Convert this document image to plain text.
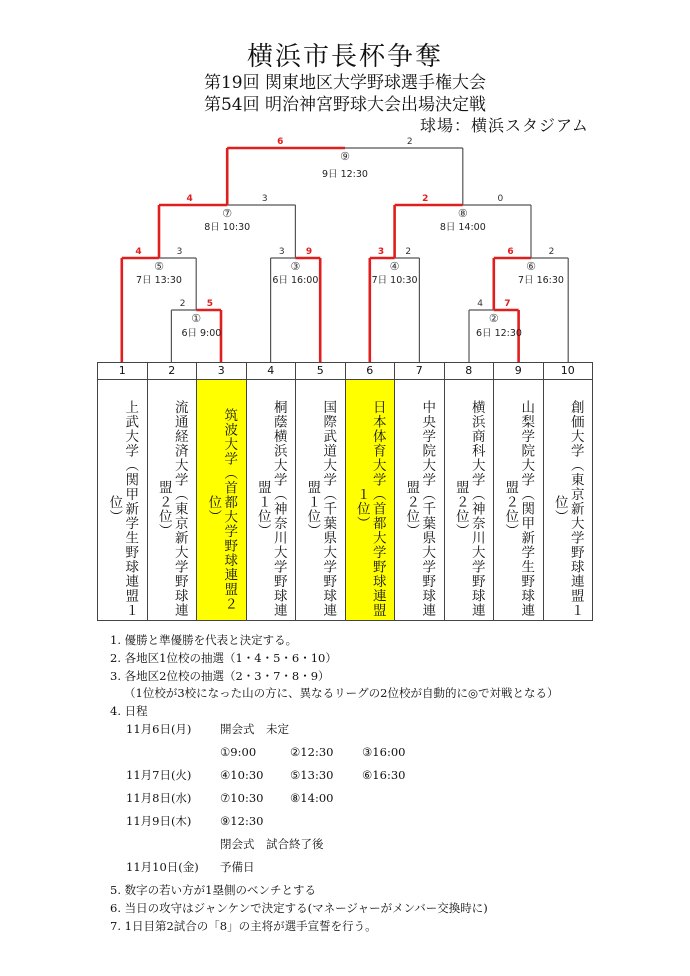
横浜市長杯争奪
第19回 関東地区大学野球選手権大会
第54回 明治神宮野球大会出場決定戦
球場：横浜スタジアム
2 5
①
6日 9:00
4 7
②
6日 12:30
4	3
⑤
7日 13:30
3 9
③
6日 16:00
3 2
④
7日 10:30
6	2
⑥
7日 16:30
4	3
⑦
8日 10:30
2	0
⑧
8日 14:00
6	2
⑨
9日 12:30
1	2	3	4	5	6	7	8	9	10

上武大学（関甲新学生野球連盟１位）	流通経済大学（東京新大学野球連盟２位）	筑波大学（首都大学野球連盟２位）	桐蔭横浜大学（神奈川大学野球連盟１位）	国際武道大学（千葉県大学野球連盟１位）	日本体育大学（首都大学野球連盟１位）	中央学院大学（千葉県大学野球連盟２位）	横浜商科大学（神奈川大学野球連盟２位）	山梨学院大学（関甲新学生野球連盟２位）	創価大学（東京新大学野球連盟１位）
1. 優勝と準優勝を代表と決定する。
2. 各地区1位校の抽選（1・4・5・6・10）
3. 各地区2位校の抽選（2・3・7・8・9）
（1位校が3校になった山の方に、異なるリーグの2位校が自動的に◎で対戦となる）
4. 日程
11月6日(月) 開会式　未定
①9:00	②12:30 ③16:00
11月7日(火) ④10:30 ⑤13:30 ⑥16:30
11月8日(水) ⑦10:30 ⑧14:00
11月9日(木) ⑨12:30
閉会式　試合終了後
11月10日(金) 予備日
5. 数字の若い方が1塁側のベンチとする
6. 当日の攻守はジャンケンで決定する(マネージャーがメンバー交換時に)
7. 1日目第2試合の「8」の主将が選手宣誓を行う。
